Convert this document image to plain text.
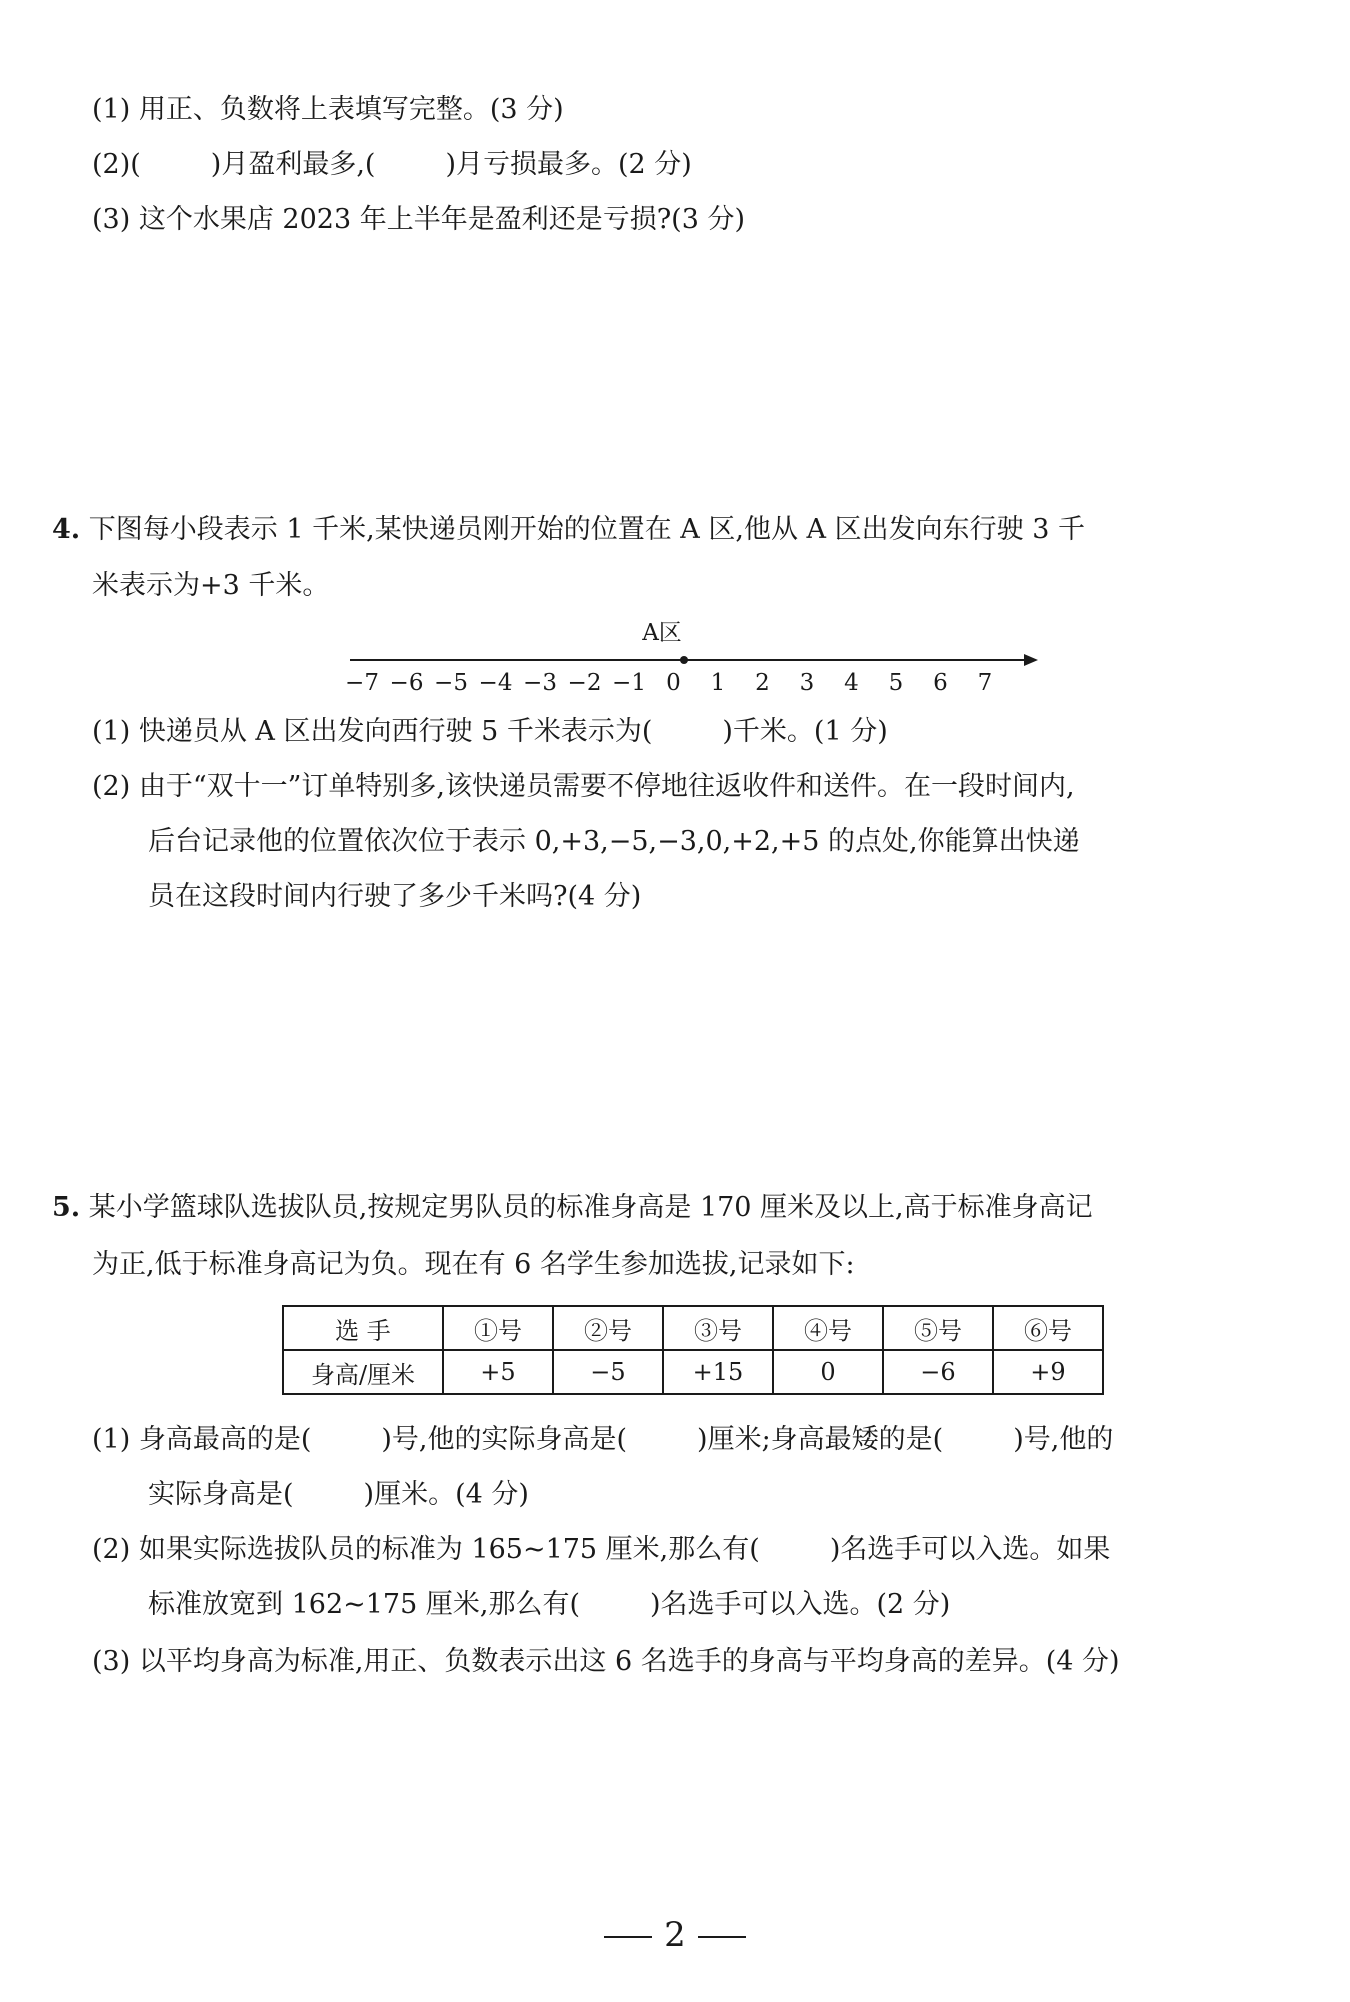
(1) 用正、负数将上表填写完整。(3 分)
(2)(	)月盈利最多,(	)月亏损最多。(2 分)
(3) 这个水果店 2023 年上半年是盈利还是亏损?(3 分)
4. 下图每小段表示 1 千米,某快递员刚开始的位置在 A 区,他从 A 区出发向东行驶 3 千
米表示为+3 千米。
A区
−7 −6 −5 −4 −3 −2 −1 0 1 2 3 4 5 6 7
(1) 快递员从 A 区出发向西行驶 5 千米表示为(	)千米。(1 分)
(2) 由于“双十一”订单特别多,该快递员需要不停地往返收件和送件。在一段时间内,
后台记录他的位置依次位于表示 0,+3,−5,−3,0,+2,+5 的点处,你能算出快递
员在这段时间内行驶了多少千米吗?(4 分)
5. 某小学篮球队选拔队员,按规定男队员的标准身高是 170 厘米及以上,高于标准身高记
为正,低于标准身高记为负。现在有 6 名学生参加选拔,记录如下:
选 手	①号	②号	③号	④号	⑤号	⑥号
身高/厘米	+5	−5	+15	0	−6	+9
(1) 身高最高的是(	)号,他的实际身高是(	)厘米;身高最矮的是(	)号,他的
实际身高是(	)厘米。(4 分)
(2) 如果实际选拔队员的标准为 165~175 厘米,那么有(	)名选手可以入选。如果
标准放宽到 162~175 厘米,那么有(	)名选手可以入选。(2 分)
(3) 以平均身高为标准,用正、负数表示出这 6 名选手的身高与平均身高的差异。(4 分)
2
